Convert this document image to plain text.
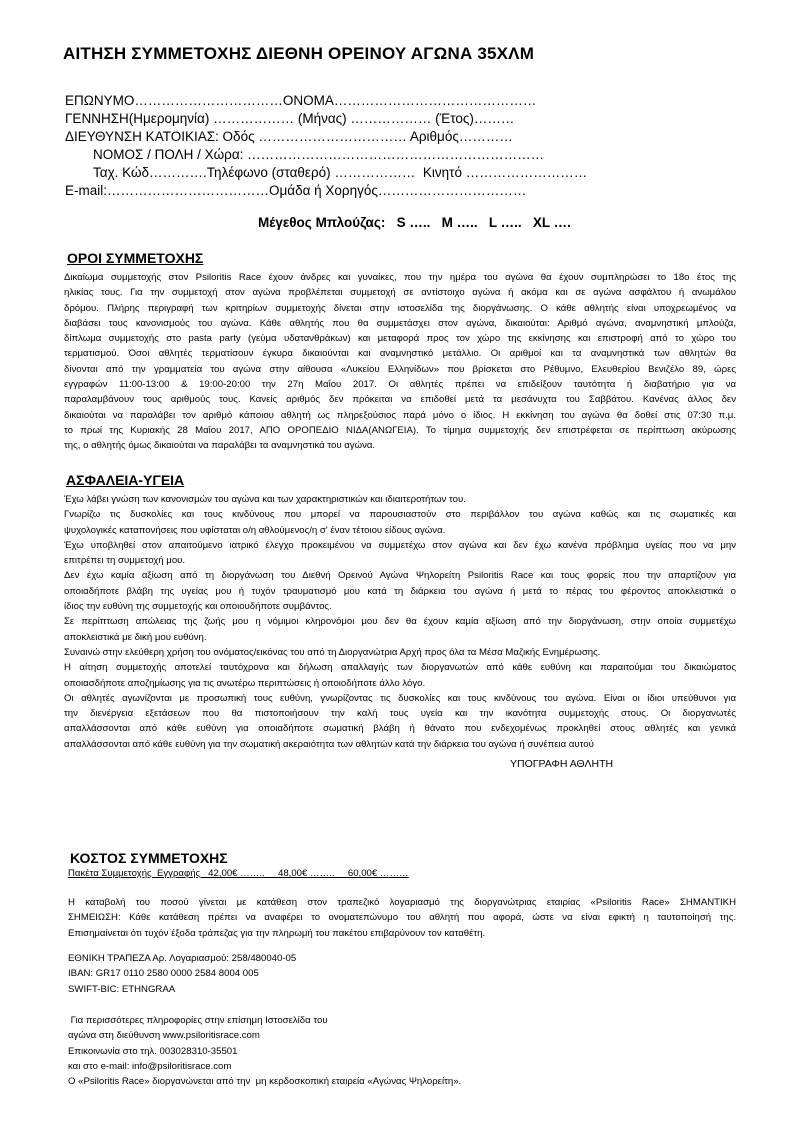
ΑΙΤΗΣΗ ΣΥΜΜΕΤΟΧΗΣ ΔΙΕΘΝΗ ΟΡΕΙΝΟΥ ΑΓΩΝΑ 35ΧΛΜ
ΕΠΩΝΥΜΟ……………………………ΟΝΟΜΑ………………………………………
ΓΕΝΝΗΣΗ(Ημερομηνία) ……………… (Μήνας) ……………… (Έτος)………
ΔΙΕΥΘΥΝΣΗ ΚΑΤΟΙΚΙΑΣ: Οδός …………………………… Αριθμός…………
ΝΟΜΟΣ / ΠΟΛΗ / Χώρα: …………………………………………………………
Ταχ. Κώδ………….Τηλέφωνο (σταθερό) ………………  Κινητό ………………………
E-mail:………………………………Ομάδα ή Χορηγός……………………………
Μέγεθος Μπλούζας:   S …..   M …..   L …..   XL ….
ΟΡΟΙ ΣΥΜΜΕΤΟΧΗΣ
Δικαίωμα συμμετοχής στον Psiloritis Race έχουν άνδρες και γυναίκες, που την ημέρα του αγώνα θα έχουν συμπληρώσει το 18ο έτος της
ηλικίας τους. Για την συμμετοχή στον αγώνα προβλέπεται συμμετοχή σε αντίστοιχο αγώνα ή ακόμα και σε αγώνα ασφάλτου ή ανωμάλου
δρόμου. Πλήρης περιγραφή των κριτηρίων συμμετοχής δίνεται στην ιστοσελίδα της διοργάνωσης. Ο κάθε αθλητής είναι υποχρεωμένος να
διαβάσει τους κανονισμούς του αγώνα. Κάθε αθλητής που θα συμμετάσχει στον αγώνα, δικαιούται: Αριθμό αγώνα, αναμνηστική μπλούζα,
δίπλωμα συμμετοχής στο pasta party (γεύμα υδατανθράκων) και μεταφορά προς τον χώρο της εκκίνησης και επιστροφή από το χώρο του
τερματισμού. Όσοι αθλητές τερματίσουν έγκυρα δικαιούνται και αναμνηστικό μετάλλιο. Οι αριθμοί και τα αναμνηστικά των αθλητών θα
δίνονται από την γραμματεία του αγώνα στην αίθουσα «Λυκείου Ελληνίδων» που βρίσκεται στο Ρέθυμνο, Ελευθερίου Βενιζέλο 89, ώρες
εγγραφών 11:00-13:00 & 19:00-20:00 την 27η Μαΐου 2017. Οι αθλητές πρέπει να επιδείξουν ταυτότητα ή διαβατήριο για να
παραλαμβάνουν τους αριθμούς τους. Κανείς αριθμός δεν πρόκειται να επιδοθεί μετά τα μεσάνυχτα του Σαββάτου. Κανένας άλλος δεν
δικαιούται να παραλάβει τον αριθμό κάποιου αθλητή ως πληρεξούσιος παρά μόνο ο ίδιος. Η εκκίνηση του αγώνα θα δοθεί στις 07:30 π.μ.
το πρωί της Κυριακής 28 Μαΐου 2017, ΑΠΟ ΟΡΟΠΕΔΙΟ ΝΙΔΑ(ΑΝΩΓΕΙΑ). Το τίμημα συμμετοχής δεν επιστρέφεται σε περίπτωση ακύρωσης
της, ο αθλητής όμως δικαιούται να παραλάβει τα αναμνηστικά του αγώνα.
ΑΣΦΑΛΕΙΑ-ΥΓΕΙΑ
Έχω λάβει γνώση των κανονισμών του αγώνα και των χαρακτηριστικών και ιδιαιτεροτήτων του.
Γνωρίζω τις δυσκολίες και τους κινδύνους που μπορεί να παρουσιαστούν στο περιβάλλον του αγώνα καθώς και τις σωματικές και
ψυχολογικές καταπονήσεις που υφίσταται ο/η αθλούμενος/η σ' έναν τέτοιου είδους αγώνα.
Έχω υποβληθεί στον απαιτούμενο ιατρικό έλεγχο προκειμένου να συμμετέχω στον αγώνα και δεν έχω κανένα πρόβλημα υγείας που να μην
επιτρέπει τη συμμετοχή μου.
Δεν έχω καμία αξίωση από τη διοργάνωση του Διεθνή Ορεινού Αγώνα Ψηλορείτη Psiloritis Race και τους φορείς που την απαρτίζουν για
οποιαδήποτε βλάβη της υγείας μου ή τυχόν τραυματισμό μου κατά τη διάρκεια του αγώνα ή μετά το πέρας του φέροντος αποκλειστικά ο
ίδιος την ευθύνη της συμμετοχής και οποιουδήποτε συμβάντος.
Σε περίπτωση απώλειας της ζωής μου η νόμιμοι κληρονόμοι μου δεν θα έχουν καμία αξίωση από την διοργάνωση, στην οποία συμμετέχω
αποκλειστικά με δική μου ευθύνη.
Συναινώ στην ελεύθερη χρήση του ονόματος/εικόνας του από τη Διοργανώτρια Αρχή προς όλα τα Μέσα Μαζικής Ενημέρωσης.
Η αίτηση συμμετοχής αποτελεί ταυτόχρονα και δήλωση απαλλαγής των διοργανωτών από κάθε ευθύνη και παραιτούμαι του δικαιώματος
οποιασδήποτε αποζημίωσης για τις ανωτέρω περιπτώσεις ή οποιοδήποτε άλλο λόγο.
Οι αθλητές αγωνίζονται με προσωπική τους ευθύνη, γνωρίζοντας τις δυσκολίες και τους κινδύνους του αγώνα. Είναι οι ίδιοι υπεύθυνοι για
την διενέργεια εξετάσεων που θα πιστοποιήσουν την καλή τους υγεία και την ικανότητα συμμετοχής στους. Οι διοργανωτές
απαλλάσσονται από κάθε ευθύνη για οποιαδήποτε σωματική βλάβη ή θάνατο που ενδεχομένως προκληθεί στους αθλητές και γενικά
απαλλάσσονται από κάθε ευθύνη για την σωματική ακεραιότητα των αθλητών κατά την διάρκεια του αγώνα ή συνέπεια αυτού
ΥΠΟΓΡΑΦΗ ΑΘΛΗΤΗ
ΚΟΣΤΟΣ ΣΥΜΜΕΤΟΧΗΣ
Πακέτα Συμμετοχής  Εγγραφής   42,00€ ……..     48,00€ ……..     60,00€ ………
Η καταβολή του ποσού γίνεται με κατάθεση στον τραπεζικό λογαριασμό της διοργανώτριας εταιρίας «Psiloritis Race» ΣΗΜΑΝΤΙΚΗ
ΣΗΜΕΙΩΣΗ: Κάθε κατάθεση πρέπει να αναφέρει το ονοματεπώνυμο του αθλητή που αφορά, ώστε να είναι εφικτή η ταυτοποίησή της.
Επισημαίνεται ότι τυχόν έξοδα τράπεζας για την πληρωμή του πακέτου επιβαρύνουν τον καταθέτη.
ΕΘΝΙΚΗ ΤΡΑΠΕΖΑ Αρ. Λογαριασμού: 258/480040-05
IBAN: GR17 0110 2580 0000 2584 8004 005
SWIFT-BIC: ETHNGRAA
Για περισσότερες πληροφορίες στην επίσημη Ιστοσελίδα του
αγώνα στη διεύθυνση www.psiloritisrace.com
Επικοινωνία στο τηλ. 003028310-35501
και στο e-mail: info@psiloritisrace.com
Ο «Psiloritis Race» διοργανώνεται από την  μη κερδοσκοπική εταιρεία «Αγώνας Ψηλορείτη».
